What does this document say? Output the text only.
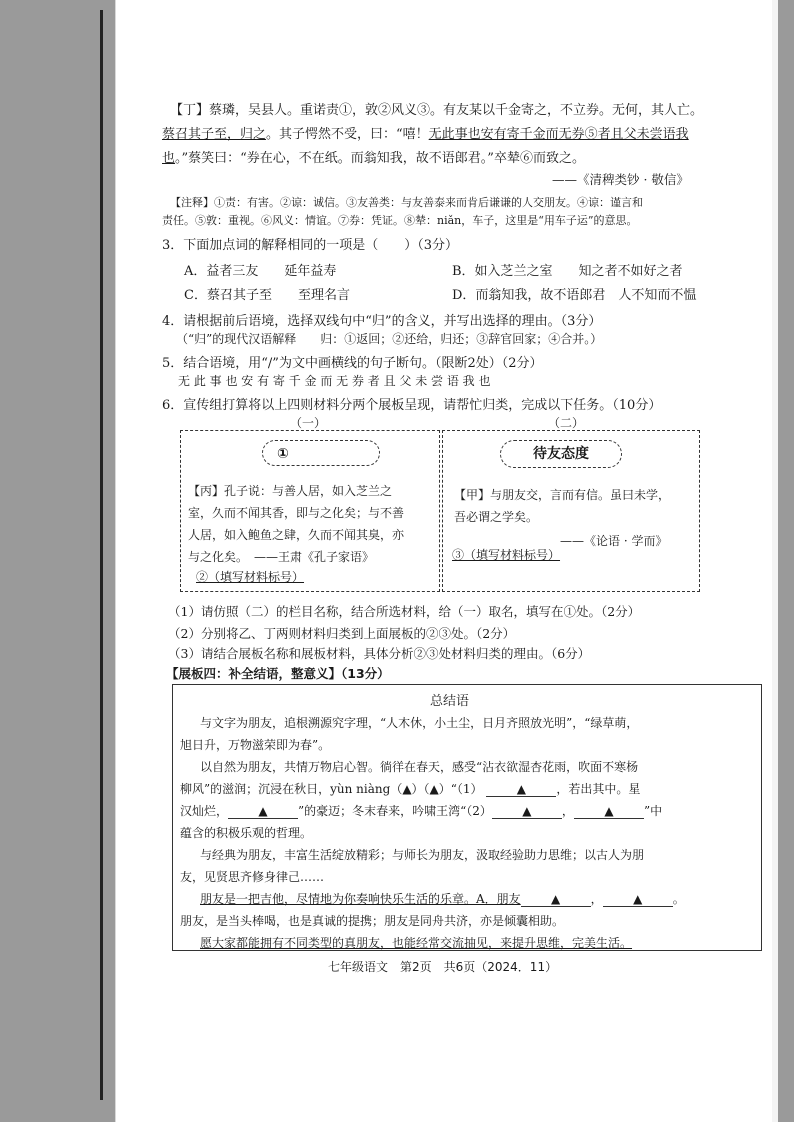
【丁】蔡璘，吴县人。重诺责①，敦②风义③。有友某以千金寄之，不立券。无何，其人亡。
蔡召其子至，归之。其子愕然不受，曰：“嘻！无此事也安有寄千金而无券⑤者且父未尝语我
也。”蔡笑曰：“券在心，不在纸。而翁知我，故不语郎君。”卒辇⑥而致之。
——《清稗类钞 · 敬信》
【注释】①责：有害。②谅：诚信。③友善类：与友善泰来而肯后谦谦的人交朋友。④谅：谨言和
责任。⑤敦：重视。⑥风义：情谊。⑦券：凭证。⑧辇：niǎn，车子，这里是“用车子运”的意思。
3．下面加点词的解释相同的一项是（　　）（3分）
A．益者三友　　延年益寿	B．如入芝兰之室　　知之者不如好之者
C．蔡召其子至　　至理名言	D．而翁知我，故不语郎君　人不知而不愠
4．请根据前后语境，选择双线句中“归”的含义，并写出选择的理由。（3分）
（“归”的现代汉语解释　　归：①返回；②还给，归还；③辞官回家；④合并。）
5．结合语境，用“/”为文中画横线的句子断句。（限断2处）（2分）
无 此 事 也 安 有 寄 千 金 而 无 券 者 且 父 未 尝 语 我 也
6．宣传组打算将以上四则材料分两个展板呈现，请帮忙归类，完成以下任务。（10分）
（一）	（二）
①	待友态度
【丙】孔子说：与善人居，如入芝兰之
室，久而不闻其香，即与之化矣；与不善
人居，如入鲍鱼之肆，久而不闻其臭，亦
与之化矣。　——王肃《孔子家语》
②（填写材料标号）
【甲】与朋友交，言而有信。虽曰未学，
吾必谓之学矣。
——《论语 · 学而》
③（填写材料标号）
（1）请仿照（二）的栏目名称，结合所选材料，给（一）取名，填写在①处。（2分）
（2）分别将乙、丁两则材料归类到上面展板的②③处。（2分）
（3）请结合展板名称和展板材料，具体分析②③处材料归类的理由。（6分）
【展板四：补全结语，整意义】（13分）
总结语
与文字为朋友，追根溯源究字理，“人木休，小土尘，日月齐照放光明”，“绿草萌，
旭日升，万物滋荣即为春”。
以自然为朋友，共情万物启心智。徜徉在春天，感受“沾衣欲湿杏花雨，吹面不寒杨
柳风”的滋润；沉浸在秋日，yùn niàng（▲）（▲）“（1）	▲	，若出其中。星
汉灿烂，	▲	”的豪迈；冬末春来，吟啸王湾“（2）	▲	，	▲	”中
蕴含的积极乐观的哲理。
与经典为朋友，丰富生活绽放精彩；与师长为朋友，汲取经验助力思维；以古人为朋
友，见贤思齐修身律己……
朋友是一把吉他，尽情地为你奏响快乐生活的乐章。A．朋友	▲	，	▲	。
朋友，是当头棒喝，也是真诚的提携；朋友是同舟共济，亦是倾囊相助。
愿大家都能拥有不同类型的真朋友，也能经常交流抽见，来提升思维，完美生活。
七年级语文　第2页　共6页（2024．11）
